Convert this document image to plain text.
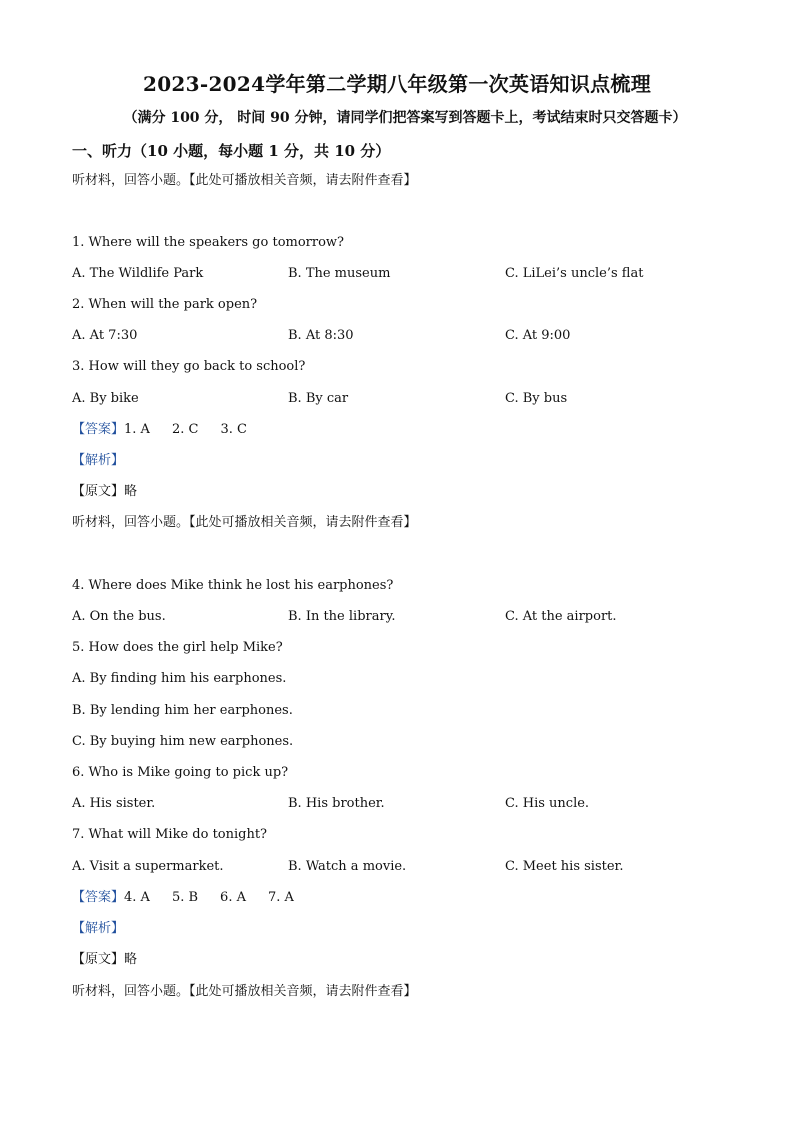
2023-2024学年第二学期八年级第一次英语知识点梳理
（满分 100 分， 时间 90 分钟，请同学们把答案写到答题卡上，考试结束时只交答题卡）
一、听力（10 小题，每小题 1 分，共 10 分）
听材料，回答小题。【此处可播放相关音频，请去附件查看】
1. Where will the speakers go tomorrow?
A. The Wildlife Park	B. The museum	C. LiLei’s uncle’s flat
2. When will the park open?
A. At 7:30	B. At 8:30	C. At 9:00
3. How will they go back to school?
A. By bike	B. By car	C. By bus
【答案】1. A 2. C 3. C
【解析】
【原文】略
听材料，回答小题。【此处可播放相关音频，请去附件查看】
4. Where does Mike think he lost his earphones?
A. On the bus.	B. In the library.	C. At the airport.
5. How does the girl help Mike?
A. By finding him his earphones.
B. By lending him her earphones.
C. By buying him new earphones.
6. Who is Mike going to pick up?
A. His sister.	B. His brother.	C. His uncle.
7. What will Mike do tonight?
A. Visit a supermarket.	B. Watch a movie.	C. Meet his sister.
【答案】4. A 5. B 6. A 7. A
【解析】
【原文】略
听材料，回答小题。【此处可播放相关音频，请去附件查看】
